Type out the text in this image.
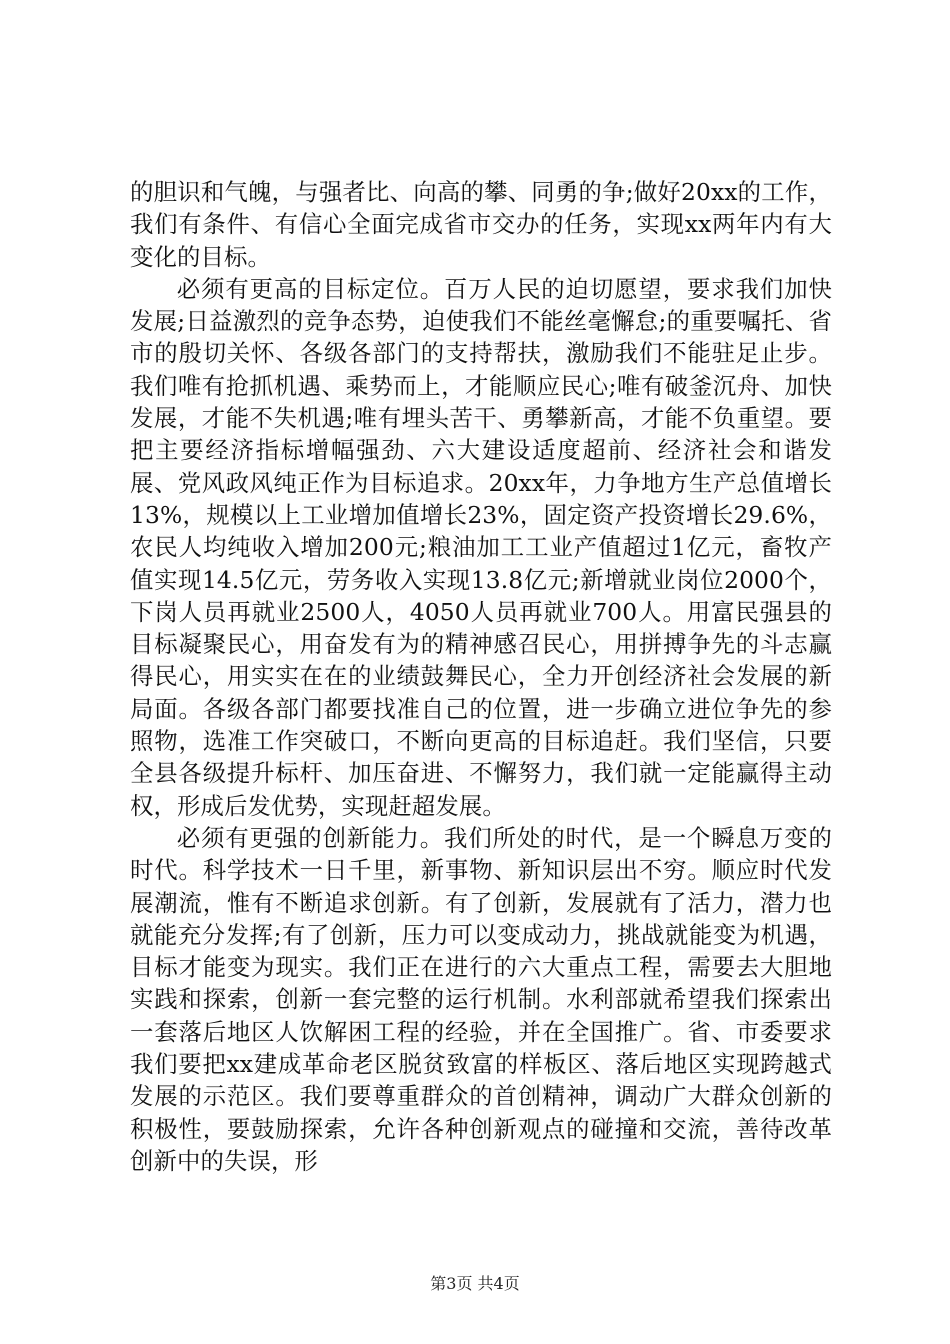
的胆识和气魄，与强者比、向高的攀、同勇的争;做好20xx的工作，我们有条件、有信心全面完成省市交办的任务，实现xx两年内有大变化的目标。

必须有更高的目标定位。百万人民的迫切愿望，要求我们加快发展;日益激烈的竞争态势，迫使我们不能丝毫懈怠;的重要嘱托、省市的殷切关怀、各级各部门的支持帮扶，激励我们不能驻足止步。我们唯有抢抓机遇、乘势而上，才能顺应民心;唯有破釜沉舟、加快发展，才能不失机遇;唯有埋头苦干、勇攀新高，才能不负重望。要把主要经济指标增幅强劲、六大建设适度超前、经济社会和谐发展、党风政风纯正作为目标追求。20xx年，力争地方生产总值增长13%，规模以上工业增加值增长23%，固定资产投资增长29.6%，农民人均纯收入增加200元;粮油加工工业产值超过1亿元，畜牧产值实现14.5亿元，劳务收入实现13.8亿元;新增就业岗位2000个，下岗人员再就业2500人，4050人员再就业700人。用富民强县的目标凝聚民心，用奋发有为的精神感召民心，用拼搏争先的斗志赢得民心，用实实在在的业绩鼓舞民心，全力开创经济社会发展的新局面。各级各部门都要找准自己的位置，进一步确立进位争先的参照物，选准工作突破口，不断向更高的目标追赶。我们坚信，只要全县各级提升标杆、加压奋进、不懈努力，我们就一定能赢得主动权，形成后发优势，实现赶超发展。

必须有更强的创新能力。我们所处的时代，是一个瞬息万变的时代。科学技术一日千里，新事物、新知识层出不穷。顺应时代发展潮流，惟有不断追求创新。有了创新，发展就有了活力，潜力也就能充分发挥;有了创新，压力可以变成动力，挑战就能变为机遇，目标才能变为现实。我们正在进行的六大重点工程，需要去大胆地实践和探索，创新一套完整的运行机制。水利部就希望我们探索出一套落后地区人饮解困工程的经验，并在全国推广。省、市委要求我们要把xx建成革命老区脱贫致富的样板区、落后地区实现跨越式发展的示范区。我们要尊重群众的首创精神，调动广大群众创新的积极性，要鼓励探索，允许各种创新观点的碰撞和交流，善待改革创新中的失误，形

第3页 共4页
